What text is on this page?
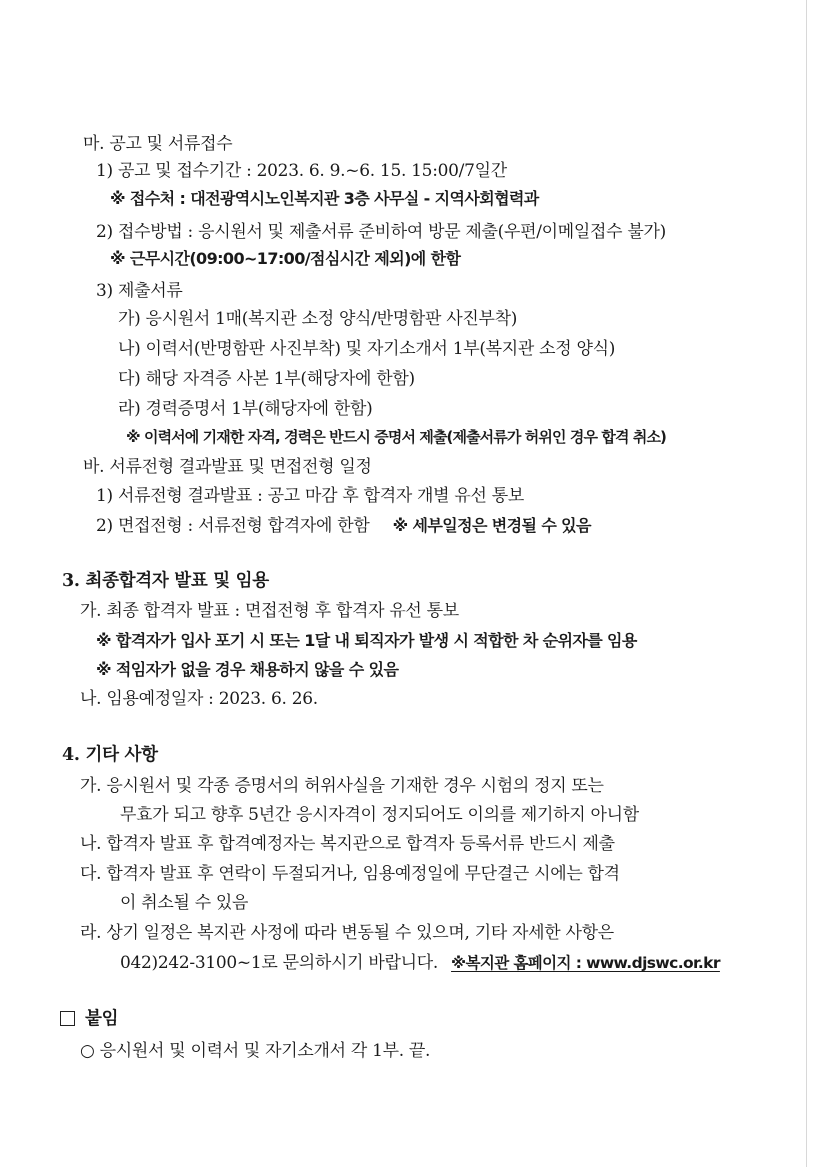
마. 공고 및 서류접수
1) 공고 및 접수기간 : 2023. 6. 9.~6. 15. 15:00/7일간
※ 접수처 : 대전광역시노인복지관 3층 사무실 - 지역사회협력과
2) 접수방법 : 응시원서 및 제출서류 준비하여 방문 제출(우편/이메일접수 불가)
※ 근무시간(09:00~17:00/점심시간 제외)에 한함
3) 제출서류
가) 응시원서 1매(복지관 소정 양식/반명함판 사진부착)
나) 이력서(반명함판 사진부착) 및 자기소개서 1부(복지관 소정 양식)
다) 해당 자격증 사본 1부(해당자에 한함)
라) 경력증명서 1부(해당자에 한함)
※ 이력서에 기재한 자격, 경력은 반드시 증명서 제출(제출서류가 허위인 경우 합격 취소)
바. 서류전형 결과발표 및 면접전형 일정
1) 서류전형 결과발표 : 공고 마감 후 합격자 개별 유선 통보
2) 면접전형 : 서류전형 합격자에 한함 ※ 세부일정은 변경될 수 있음
3. 최종합격자 발표 및 임용
가. 최종 합격자 발표 : 면접전형 후 합격자 유선 통보
※ 합격자가 입사 포기 시 또는 1달 내 퇴직자가 발생 시 적합한 차 순위자를 임용
※ 적임자가 없을 경우 채용하지 않을 수 있음
나. 임용예정일자 : 2023. 6. 26.
4. 기타 사항
가. 응시원서 및 각종 증명서의 허위사실을 기재한 경우 시험의 정지 또는
무효가 되고 향후 5년간 응시자격이 정지되어도 이의를 제기하지 아니함
나. 합격자 발표 후 합격예정자는 복지관으로 합격자 등록서류 반드시 제출
다. 합격자 발표 후 연락이 두절되거나, 임용예정일에 무단결근 시에는 합격
이 취소될 수 있음
라. 상기 일정은 복지관 사정에 따라 변동될 수 있으며, 기타 자세한 사항은
042)242-3100~1로 문의하시기 바랍니다. ※복지관 홈페이지 : www.djswc.or.kr
붙임
○ 응시원서 및 이력서 및 자기소개서 각 1부. 끝.
